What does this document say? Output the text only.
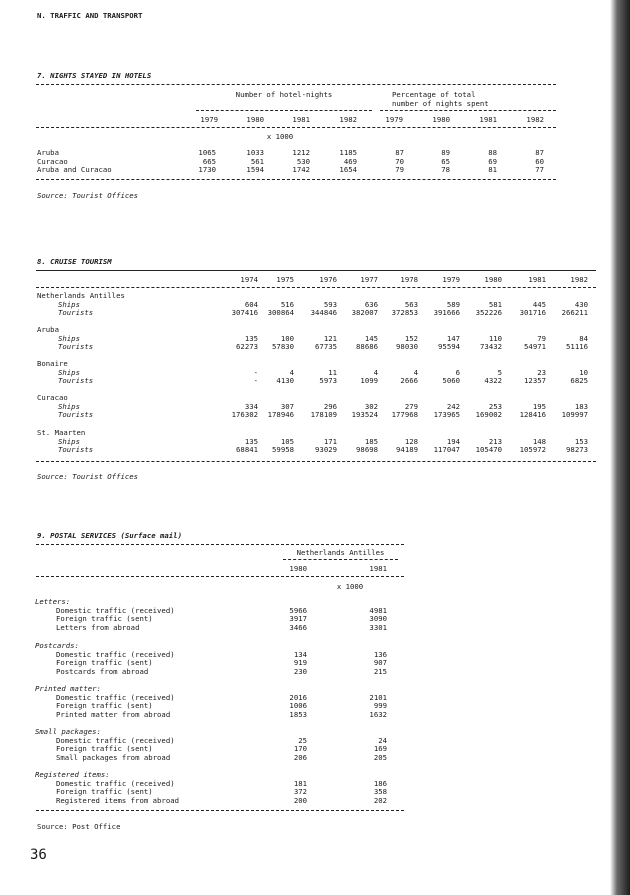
N. TRAFFIC AND TRANSPORT
7. NIGHTS STAYED IN HOTELS
Number of hotel-nights	Percentage of total
number of nights spent
1979	1980	1981	1982	1979	1980	1981	1982
x 1000
Aruba	1065	1033	1212	1185	87	89	88	87
Curacao	665	561	530	469	70	65	69	60
Aruba and Curacao	1730	1594	1742	1654	79	78	81	77
Source: Tourist Offices
8. CRUISE TOURISM
1974	1975	1976	1977	1978	1979	1980	1981	1982
Netherlands Antilles
Ships	604	516	593	636	563	589	581	445	430
Tourists	307416	300864	344846	382007	372853	391666	352226	301716	266211
Aruba
Ships	135	100	121	145	152	147	110	79	84
Tourists	62273	57830	67735	88686	98030	95594	73432	54971	51116
Bonaire
Ships	-	4	11	4	4	6	5	23	10
Tourists	-	4130	5973	1099	2666	5060	4322	12357	6825
Curacao
Ships	334	307	296	302	279	242	253	195	183
Tourists	176302	178946	178109	193524	177968	173965	169002	128416	109997
St. Maarten
Ships	135	105	171	185	128	194	213	148	153
Tourists	68841	59958	93029	98698	94189	117047	105470	105972	98273
Source: Tourist Offices
9. POSTAL SERVICES (Surface mail)
Netherlands Antilles
1980	1981
x 1000
Letters:
Domestic traffic (received)	5966	4981
Foreign traffic (sent)	3917	3090
Letters from abroad	3466	3301
Postcards:
Domestic traffic (received)	134	136
Foreign traffic (sent)	919	907
Postcards from abroad	230	215
Printed matter:
Domestic traffic (received)	2016	2101
Foreign traffic (sent)	1006	999
Printed matter from abroad	1853	1632
Small packages:
Domestic traffic (received)	25	24
Foreign traffic (sent)	170	169
Small packages from abroad	206	205
Registered items:
Domestic traffic (received)	181	186
Foreign traffic (sent)	372	358
Registered items from abroad	200	202
Source: Post Office
36
